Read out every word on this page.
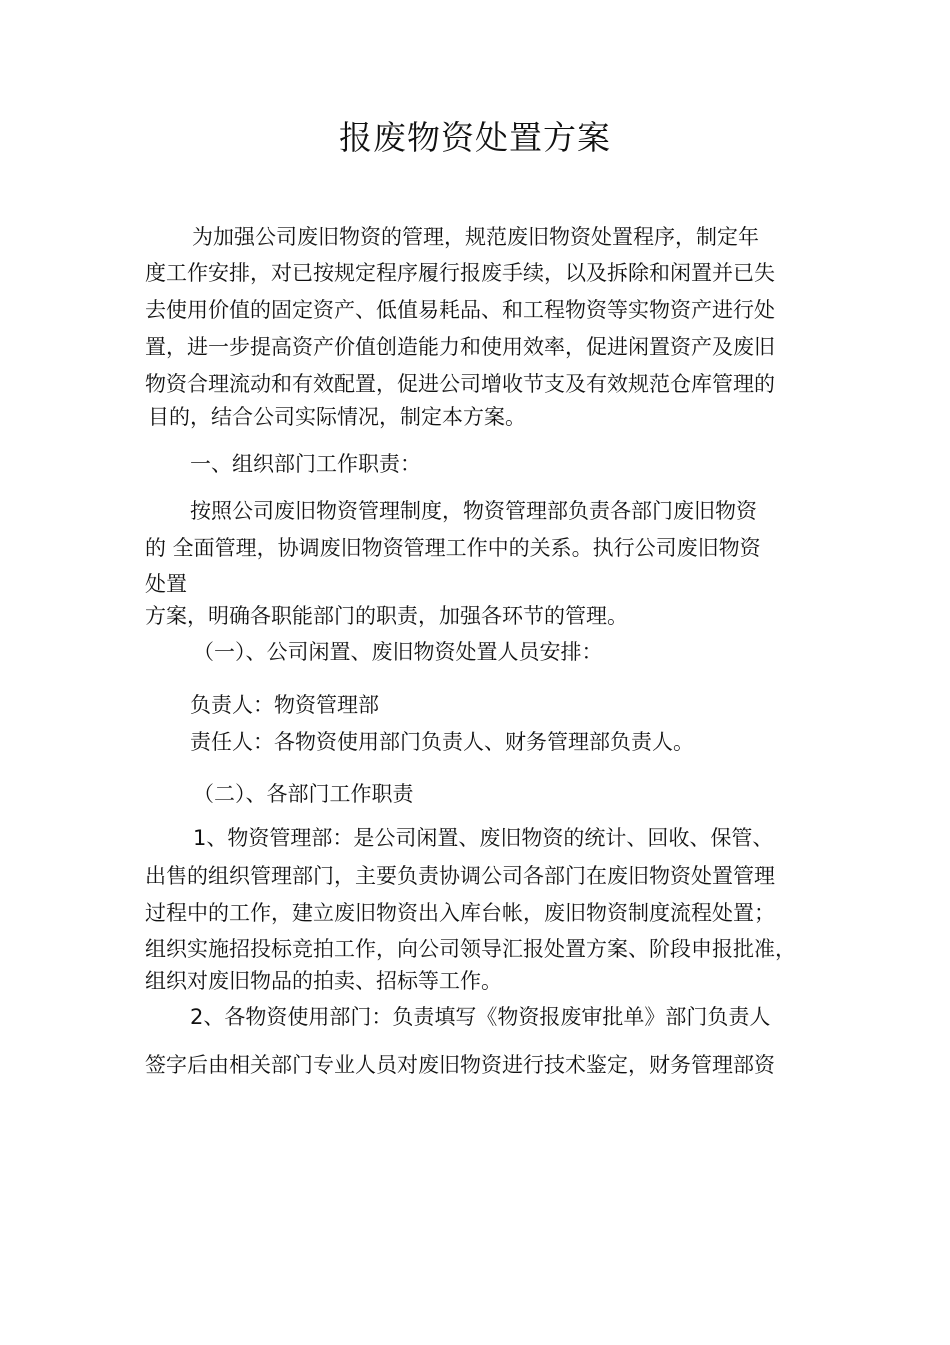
报废物资处置方案
为加强公司废旧物资的管理，规范废旧物资处置程序，制定年
度工作安排，对已按规定程序履行报废手续，以及拆除和闲置并已失
去使用价值的固定资产、低值易耗品、和工程物资等实物资产进行处
置，进一步提高资产价值创造能力和使用效率，促进闲置资产及废旧
物资合理流动和有效配置，促进公司增收节支及有效规范仓库管理的
目的，结合公司实际情况，制定本方案。
一、组织部门工作职责：
按照公司废旧物资管理制度，物资管理部负责各部门废旧物资
的 全面管理，协调废旧物资管理工作中的关系。执行公司废旧物资
处置
方案，明确各职能部门的职责，加强各环节的管理。
（一）、公司闲置、废旧物资处置人员安排：
负责人：物资管理部
责任人：各物资使用部门负责人、财务管理部负责人。
（二）、各部门工作职责
1、物资管理部：是公司闲置、废旧物资的统计、回收、保管、
出售的组织管理部门，主要负责协调公司各部门在废旧物资处置管理
过程中的工作，建立废旧物资出入库台帐，废旧物资制度流程处置；
组织实施招投标竞拍工作，向公司领导汇报处置方案、阶段申报批准，
组织对废旧物品的拍卖、招标等工作。
2、各物资使用部门：负责填写《物资报废审批单》部门负责人
签字后由相关部门专业人员对废旧物资进行技术鉴定，财务管理部资
